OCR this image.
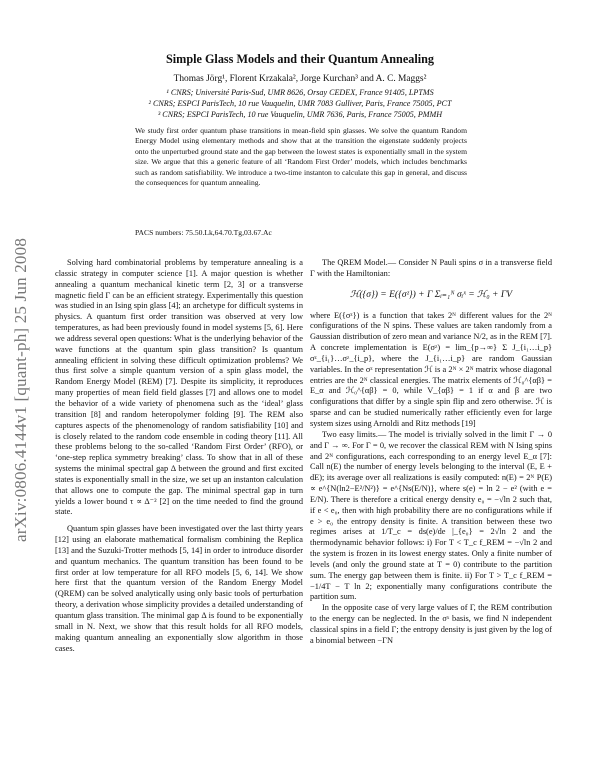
arXiv:0806.4144v1 [quant-ph] 25 Jun 2008
Simple Glass Models and their Quantum Annealing
Thomas Jörg¹, Florent Krzakala², Jorge Kurchan³ and A. C. Maggs²
¹ CNRS; Université Paris-Sud, UMR 8626, Orsay CEDEX, France 91405, LPTMS
² CNRS; ESPCI ParisTech, 10 rue Vauquelin, UMR 7083 Gulliver, Paris, France 75005, PCT
³ CNRS; ESPCI ParisTech, 10 rue Vauquelin, UMR 7636, Paris, France 75005, PMMH
We study first order quantum phase transitions in mean-field spin glasses. We solve the quantum Random Energy Model using elementary methods and show that at the transition the eigenstate suddenly projects onto the unperturbed ground state and the gap between the lowest states is exponentially small in the system size. We argue that this a generic feature of all ‘Random First Order’ models, which includes benchmarks such as random satisfiability. We introduce a two-time instanton to calculate this gap in general, and discuss the consequences for quantum annealing.
PACS numbers: 75.50.Lk,64.70.Tg,03.67.Ac

Solving hard combinatorial problems by temperature annealing is a classic strategy in computer science [1]. A major question is whether annealing a quantum mechanical kinetic term [2, 3] or a transverse magnetic field Γ can be an efficient strategy. Experimentally this question was studied in an Ising spin glass [4]; an archetype for difficult systems in physics. A quantum first order transition was observed at very low temperatures, as had been previously found in model systems [5, 6]. Here we address several open questions: What is the underlying behavior of the wave functions at the quantum spin glass transition? Is quantum annealing efficient in solving these difficult optimization problems? We thus first solve a simple quantum version of a spin glass model, the Random Energy Model (REM) [7]. Despite its simplicity, it reproduces many properties of mean field field glasses [7] and allows one to model the behavior of a wide variety of phenomena such as the ‘ideal’ glass transition [8] and random heteropolymer folding [9]. The REM also captures aspects of the phenomenology of random satisfiability [10] and is closely related to the random code ensemble in coding theory [11]. All these problems belong to the so-called ‘Random First Order’ (RFO), or ‘one-step replica symmetry breaking’ class. To show that in all of these systems the minimal spectral gap Δ between the ground and first excited states is exponentially small in the size, we set up an instanton calculation that allows one to compute the gap. The minimal spectral gap in turn yields a lower bound τ ∝ Δ⁻² [2] on the time needed to find the ground state.

Quantum spin glasses have been investigated over the last thirty years [12] using an elaborate mathematical formalism combining the Replica [13] and the Suzuki-Trotter methods [5, 14] in order to introduce disorder and quantum mechanics. The quantum transition has been found to be first order at low temperature for all RFO models [5, 6, 14]. We show here first that the quantum version of the Random Energy Model (QREM) can be solved analytically using only basic tools of perturbation theory, a derivation whose simplicity provides a detailed understanding of quantum glass transition. The minimal gap Δ is found to be exponentially small in N. Next, we show that this result holds for all RFO models, making quantum annealing an exponentially slow algorithm in those cases.

The QREM Model.— Consider N Pauli spins σ in a transverse field Γ with the Hamiltonian:

ℋ({σ}) = E({σᶻ}) + Γ Σᵢ₌₁ᴺ σᵢˣ = ℋ₀ + ΓV

where E({σᶻ}) is a function that takes 2ᴺ different values for the 2ᴺ configurations of the N spins. These values are taken randomly from a Gaussian distribution of zero mean and variance N/2, as in the REM [7]. A concrete implementation is E(σᶻ) = lim_{p→∞} Σ J_{i₁…i_p} σᶻ_{i₁}…σᶻ_{i_p}, where the J_{i₁…i_p} are random Gaussian variables. In the σᶻ representation ℋ is a 2ᴺ × 2ᴺ matrix whose diagonal entries are the 2ᴺ classical energies. The matrix elements of ℋ₀^{αβ} = E_α and ℋ₀^{αβ} = 0, while V_{αβ} = 1 if α and β are two configurations that differ by a single spin flip and zero otherwise. ℋ is sparse and can be studied numerically rather efficiently even for large system sizes using Arnoldi and Ritz methods [19]

Two easy limits.— The model is trivially solved in the limit Γ → 0 and Γ → ∞. For Γ = 0, we recover the classical REM with N Ising spins and 2ᴺ configurations, each corresponding to an energy level E_α [7]: Call n(E) the number of energy levels belonging to the interval (E, E + dE); its average over all realizations is easily computed: n(E) = 2ᴺ P(E) ∝ e^{N(ln2−E²/N²)} = e^{Ns(E/N)}, where s(e) = ln 2 − e² (with e = E/N). There is therefore a critical energy density e₀ = −√ln 2 such that, if e < e₀, then with high probability there are no configurations while if e > e₀ the entropy density is finite. A transition between these two regimes arises at 1/T_c = ds(e)/de |_{e₀} = 2√ln 2 and the thermodynamic behavior follows: i) For T < T_c f_REM = −√ln 2 and the system is frozen in its lowest energy states. Only a finite number of levels (and only the ground state at T = 0) contribute to the partition sum. The energy gap between them is finite. ii) For T > T_c f_REM = −1/4T − T ln 2; exponentially many configurations contribute the partition sum.

In the opposite case of very large values of Γ, the REM contribution to the energy can be neglected. In the σˣ basis, we find N independent classical spins in a field Γ; the entropy density is just given by the log of a binomial between −ΓN
